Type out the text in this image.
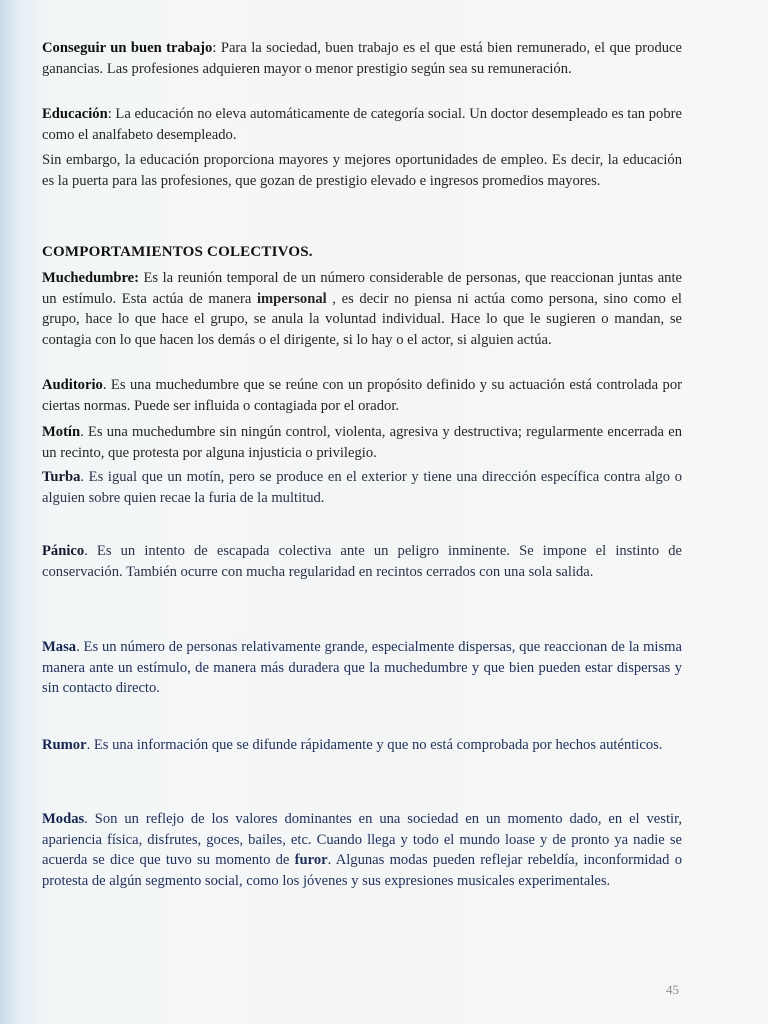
Conseguir un buen trabajo: Para la sociedad, buen trabajo es el que está bien remunerado, el que produce ganancias. Las profesiones adquieren mayor o menor prestigio según sea su remuneración.

Educación: La educación no eleva automáticamente de categoría social. Un doctor desempleado es tan pobre como el analfabeto desempleado.

Sin embargo, la educación proporciona mayores y mejores oportunidades de empleo. Es decir, la educación es la puerta para las profesiones, que gozan de prestigio elevado e ingresos promedios mayores.

COMPORTAMIENTOS COLECTIVOS.

Muchedumbre: Es la reunión temporal de un número considerable de personas, que reaccionan juntas ante un estímulo. Esta actúa de manera impersonal , es decir no piensa ni actúa como persona, sino como el grupo, hace lo que hace el grupo, se anula la voluntad individual. Hace lo que le sugieren o mandan, se contagia con lo que hacen los demás o el dirigente, si lo hay o el actor, si alguien actúa.

Auditorio. Es una muchedumbre que se reúne con un propósito definido y su actuación está controlada por ciertas normas. Puede ser influida o contagiada por el orador.

Motín. Es una muchedumbre sin ningún control, violenta, agresiva y destructiva; regularmente encerrada en un recinto, que protesta por alguna injusticia o privilegio.

Turba. Es igual que un motín, pero se produce en el exterior y tiene una dirección específica contra algo o alguien sobre quien recae la furia de la multitud.

Pánico. Es un intento de escapada colectiva ante un peligro inminente. Se impone el instinto de conservación. También ocurre con mucha regularidad en recintos cerrados con una sola salida.

Masa. Es un número de personas relativamente grande, especialmente dispersas, que reaccionan de la misma manera ante un estímulo, de manera más duradera que la muchedumbre y que bien pueden estar dispersas y sin contacto directo.

Rumor. Es una información que se difunde rápidamente y que no está comprobada por hechos auténticos.

Modas. Son un reflejo de los valores dominantes en una sociedad en un momento dado, en el vestir, apariencia física, disfrutes, goces, bailes, etc. Cuando llega y todo el mundo loase y de pronto ya nadie se acuerda se dice que tuvo su momento de furor. Algunas modas pueden reflejar rebeldía, inconformidad o protesta de algún segmento social, como los jóvenes y sus expresiones musicales experimentales.

45
